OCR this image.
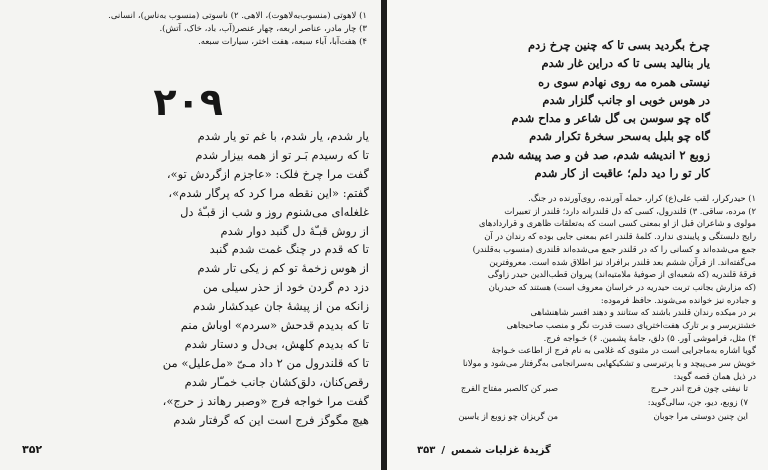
۱) لاهوتی (منسوب‌به‌لاهوت)، الاهی. ۲) ناسوتی (منسوب به‌ناس)، انسانی.
۳) چار مادر، عناصر اربعه، چهار عنصر(آب، باد، خاک، آتش).
۴) هفت‌آبا، آباء سبعه، هفت اختر، سیارات سبعه.
۲۰۹
یار شدم، یار شدم، با غم تو یار شدم
تا که رسیدم بَـر تو از همه بیزار شدم
گفت مرا چرخ فلک: «عاجزم ازگردش تو»،
گفتم: «این نقطه مرا کرد که پرگار شدم»،
غلغله‌ای می‌شنوم روز و شب از قبـّهٔ دل
از روش قبـّهٔ دل گنبد دوار شدم
تا که قدم در چنگ غمت شدم گنبد
از هوس زخمهٔ تو کم ز یکی تار شدم
دزد دم گردن خود از حذر سیلی من
زانکه من از پیشهٔ جان عیدکشار شدم
تا که بدیدم قدحش «سردم» اوباش منم
تا که بدیدم کلهش، بی‌دل و دستار شدم
تا که قلندرول من ۲ داد مـیّ «مل‌علیل» من
رقص‌کنان، دلق‌کشان جانب خمـّار شدم
گفت مرا خواجه فرج «وصبر رهاند ز حرج»،
هیچ مگوگز فرج است این که گرفتار شدم
۳۵۲
چرخ بگردید بسی تا که چنین چرخ زدم
یار بنالید بسی تا که دراین غار شدم
نیستی همره مه روی نهادم سوی ره
در هوس خوبی او جانب گلزار شدم
گاه چو سوسن بی گل شاعر و مداح شدم
گاه چو بلبل به‌سحر سخرهٔ تکرار شدم
زوبع ۲ اندیشه شدم، صد فن و صد پیشه شدم
کار تو را دید دلم؛ عاقبت از کار شدم
۱) حیدرکرار، لقب علی(ع) کرار، حمله آورنده، روی‌آورنده در جنگ.
۲) مرده، ساقی. ۳) قلندرول، کسی که دل قلندرانه دارد؛ قلندر از تعبیرات
مولوی و شاعران قبل از او بمعنی کسی است که به‌تعلقات ظاهری و قراردادهای
رایج دلبستگی و پایبندی ندارد. کلمهٔ قلندر اعم بمعنی جایی بوده که رندان در آن
جمع می‌شده‌اند و کسانی را که در قلندر جمع می‌شده‌اند قلندری (منسوب به‌قلندر)
می‌گفته‌اند. از قرآن ششم بعد قلندر برافراد نیز اطلاق شده است. معروفترین
فرقهٔ قلندریه (که شعبه‌ای از صوفیهٔ ملامتیه‌اند) پیروان قطب‌الدین حیدر زاوگی
(که مزارش بجانب تربت حیدریه در خراسان معروف است) هستند که حیدریان
و جبادره نیز خوانده می‌شوند. حافظ فرموده:
بر در میکده رندان قلندر باشند که ستانند و دهند افسر شاهنشاهی
خشتزیرسر و بر تارک هفت‌اخترپای دست قدرت نگر و منصب صاحبجاهی
۴) مثل، فراموشی آور. ۵) دلق، جامهٔ پشمین. ۶) خـواجه فرج.
گویا اشاره به‌ماجرایی است در مثنوی که غلامی به نام فرج از اطاعت خـواجهٔ
خویش سر می‌پیچد و با پرتیرسی و تشکیکهایی به‌سرانجامی به‌گرفتار می‌شود و مولانا
در ذیل همان قصه گوید:
تا نیفتی چون فرج اندر حـرج
صبر کن کالصبر مفتاح الفرج
۷) زوبع، دیو، جن، سالی‌گوید:
این چنین دوستی مرا جوبان
من گریزان چو زوبع از یاسین
گزیدهٔ غزلیات شمس/۳۵۳
